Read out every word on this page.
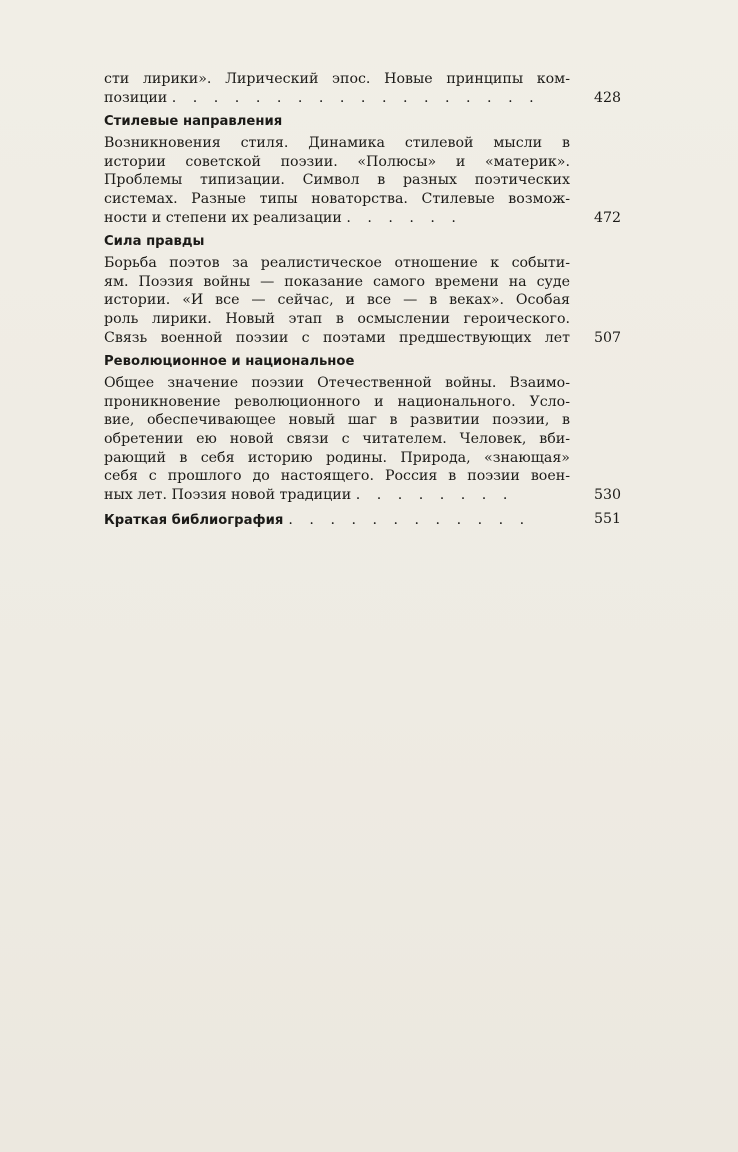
сти лирики». Лирический эпос. Новые принципы ком-
позиции . . . . . . . . . . . . . . . . . .	428
Стилевые направления
Возникновения стиля. Динамика стилевой мысли в
истории советской поэзии. «Полюсы» и «материк».
Проблемы типизации. Символ в разных поэтических
системах. Разные типы новаторства. Стилевые возмож-
ности и степени их реализации . . . . . .	472
Сила правды
Борьба поэтов за реалистическое отношение к событи-
ям. Поэзия войны — показание самого времени на суде
истории. «И все — сейчас, и все — в веках». Особая
роль лирики. Новый этап в осмыслении героического.
Связь военной поэзии с поэтами предшествующих лет 507
Революционное и национальное
Общее значение поэзии Отечественной войны. Взаимо-
проникновение революционного и национального. Усло-
вие, обеспечивающее новый шаг в развитии поэзии, в
обретении ею новой связи с читателем. Человек, вби-
рающий в себя историю родины. Природа, «знающая»
себя с прошлого до настоящего. Россия в поэзии воен-
ных лет. Поэзия новой традиции . . . . . . . .	530
Краткая библиография . . . . . . . . . . . .	551
